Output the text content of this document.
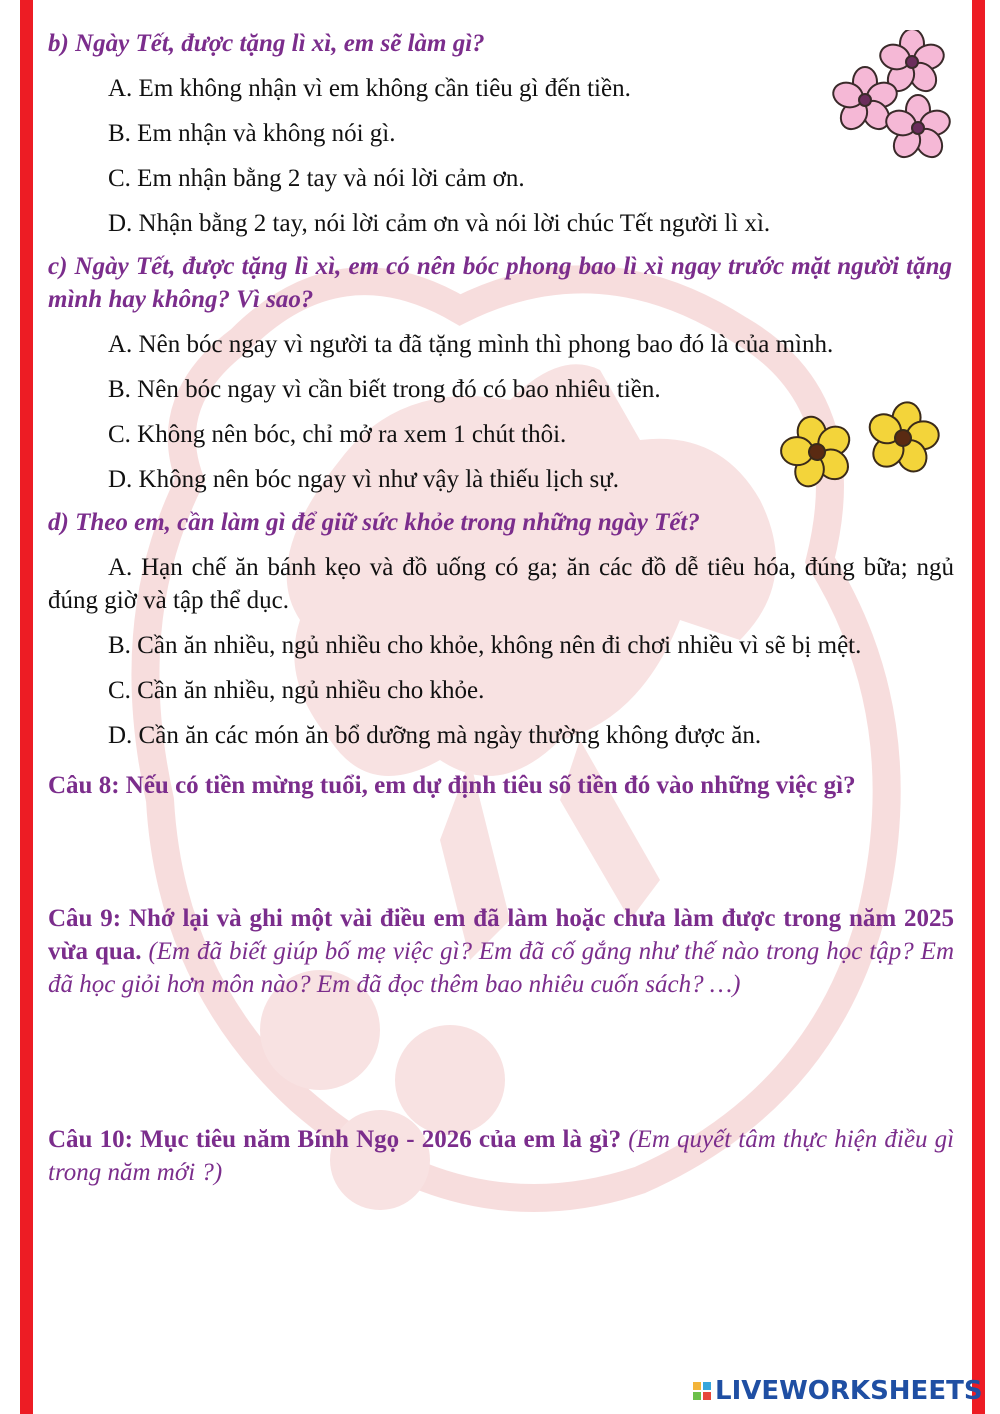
b) Ngày Tết, được tặng lì xì, em sẽ làm gì?

A. Em không nhận vì em không cần tiêu gì đến tiền.

B. Em nhận và không nói gì.

C. Em nhận bằng 2 tay và nói lời cảm ơn.

D. Nhận bằng 2 tay, nói lời cảm ơn và nói lời chúc Tết người lì xì.

c) Ngày Tết, được tặng lì xì, em có nên bóc phong bao lì xì ngay trước mặt người tặng mình hay không? Vì sao?

A. Nên bóc ngay vì người ta đã tặng mình thì phong bao đó là của mình.

B. Nên bóc ngay vì cần biết trong đó có bao nhiêu tiền.

C. Không nên bóc, chỉ mở ra xem 1 chút thôi.

D. Không nên bóc ngay vì như vậy là thiếu lịch sự.

d) Theo em, cần làm gì để giữ sức khỏe trong những ngày Tết?

A. Hạn chế ăn bánh kẹo và đồ uống có ga; ăn các đồ dễ tiêu hóa, đúng bữa; ngủ đúng giờ và tập thể dục.

B. Cần ăn nhiều, ngủ nhiều cho khỏe, không nên đi chơi nhiều vì sẽ bị mệt.

C. Cần ăn nhiều, ngủ nhiều cho khỏe.

D. Cần ăn các món ăn bổ dưỡng mà ngày thường không được ăn.

Câu 8: Nếu có tiền mừng tuổi, em dự định tiêu số tiền đó vào những việc gì?

Câu 9: Nhớ lại và ghi một vài điều em đã làm hoặc chưa làm được trong năm 2025 vừa qua. (Em đã biết giúp bố mẹ việc gì? Em đã cố gắng như thế nào trong học tập? Em đã học giỏi hơn môn nào? Em đã đọc thêm bao nhiêu cuốn sách? …)

Câu 10: Mục tiêu năm Bính Ngọ - 2026 của em là gì? (Em quyết tâm thực hiện điều gì trong năm mới ?)

LIVEWORKSHEETS
